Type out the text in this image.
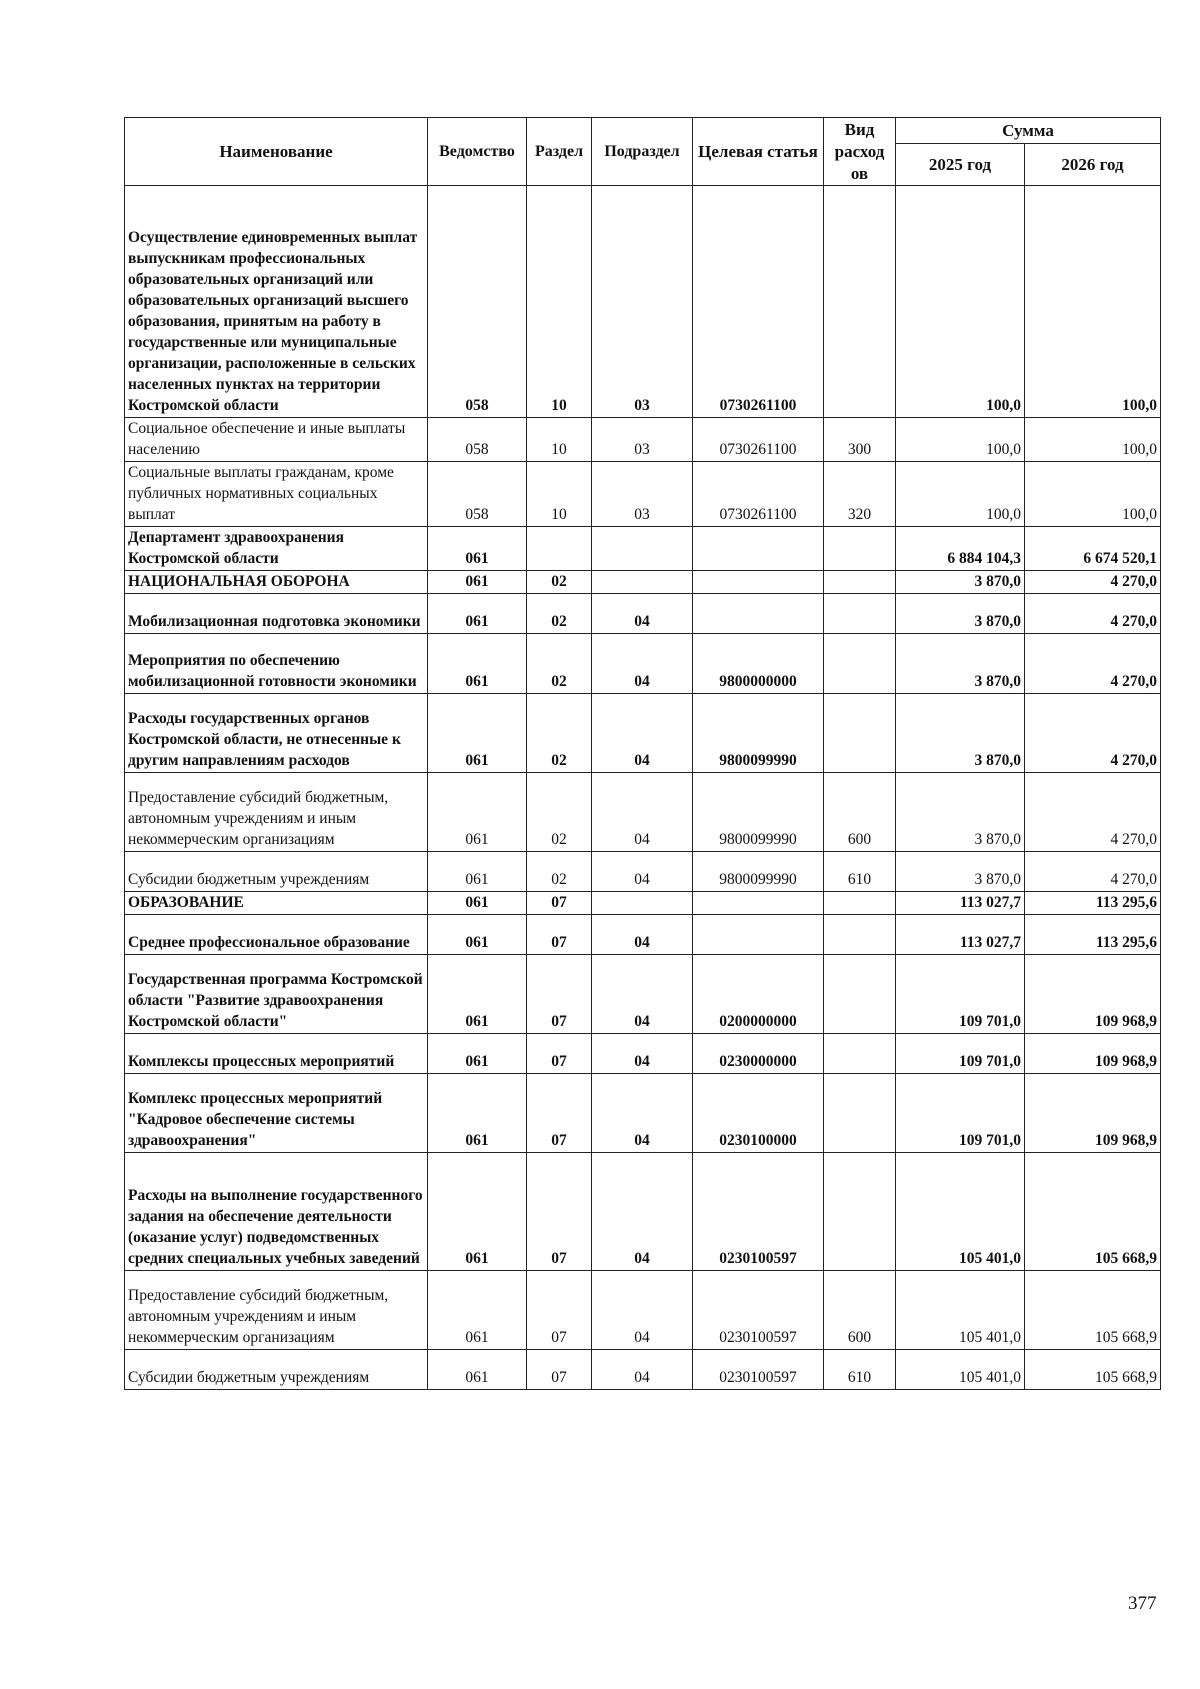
Наименование	Ведомство	Раздел	Подраздел	Целевая статья	Вид расход ов	Сумма	
						2025 год	2026 год
Осуществление единовременных выплат выпускникам профессиональных образовательных организаций или образовательных организаций высшего образования, принятым на работу в государственные или муниципальные организации, расположенные в сельских населенных пунктах на территории Костромской области	058	10	03	0730261100		100,0	100,0
Социальное обеспечение и иные выплаты населению	058	10	03	0730261100	300	100,0	100,0
Социальные выплаты гражданам, кроме публичных нормативных социальных выплат	058	10	03	0730261100	320	100,0	100,0
Департамент здравоохранения Костромской области	061					6 884 104,3	6 674 520,1
НАЦИОНАЛЬНАЯ ОБОРОНА	061	02				3 870,0	4 270,0
Мобилизационная подготовка экономики	061	02	04			3 870,0	4 270,0
Мероприятия по обеспечению мобилизационной готовности экономики	061	02	04	9800000000		3 870,0	4 270,0
Расходы государственных органов Костромской области, не отнесенные к другим направлениям расходов	061	02	04	9800099990		3 870,0	4 270,0
Предоставление субсидий бюджетным, автономным учреждениям и иным некоммерческим организациям	061	02	04	9800099990	600	3 870,0	4 270,0
Субсидии бюджетным учреждениям	061	02	04	9800099990	610	3 870,0	4 270,0
ОБРАЗОВАНИЕ	061	07				113 027,7	113 295,6
Среднее профессиональное образование	061	07	04			113 027,7	113 295,6
Государственная программа Костромской области "Развитие здравоохранения Костромской области"	061	07	04	0200000000		109 701,0	109 968,9
Комплексы процессных мероприятий	061	07	04	0230000000		109 701,0	109 968,9
Комплекс процессных мероприятий "Кадровое обеспечение системы здравоохранения"	061	07	04	0230100000		109 701,0	109 968,9
Расходы на выполнение государственного задания на обеспечение деятельности (оказание услуг) подведомственных средних специальных учебных заведений	061	07	04	0230100597		105 401,0	105 668,9
Предоставление субсидий бюджетным, автономным учреждениям и иным некоммерческим организациям	061	07	04	0230100597	600	105 401,0	105 668,9
Субсидии бюджетным учреждениям	061	07	04	0230100597	610	105 401,0	105 668,9
377
